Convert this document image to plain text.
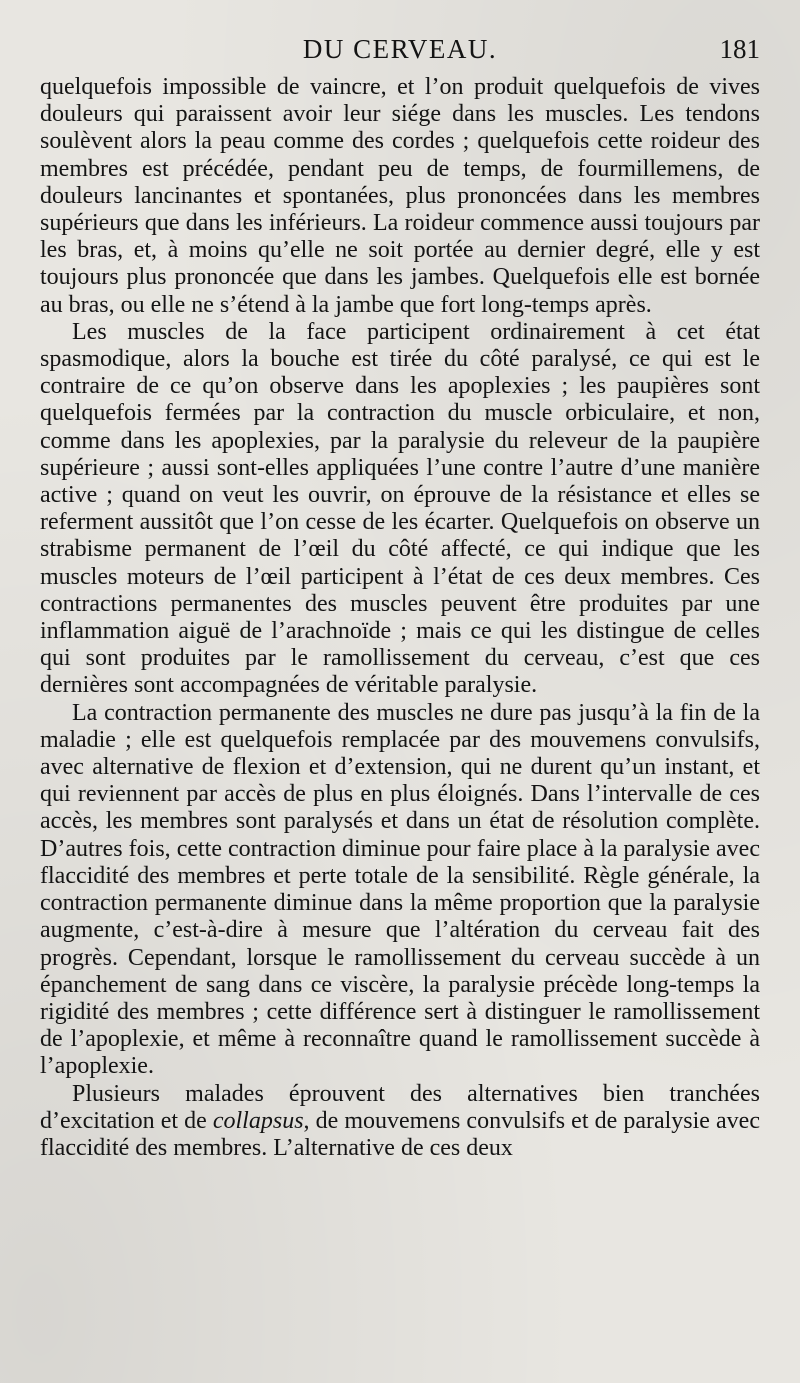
DU CERVEAU.	181

quelquefois impossible de vaincre, et l’on produit quelquefois de vives douleurs qui paraissent avoir leur siége dans les muscles. Les tendons soulèvent alors la peau comme des cordes ; quelquefois cette roideur des membres est précédée, pendant peu de temps, de fourmillemens, de douleurs lancinantes et spontanées, plus prononcées dans les membres supérieurs que dans les inférieurs. La roideur commence aussi toujours par les bras, et, à moins qu’elle ne soit portée au dernier degré, elle y est toujours plus prononcée que dans les jambes. Quelquefois elle est bornée au bras, ou elle ne s’étend à la jambe que fort long-temps après.

Les muscles de la face participent ordinairement à cet état spasmodique, alors la bouche est tirée du côté paralysé, ce qui est le contraire de ce qu’on observe dans les apoplexies ; les paupières sont quelquefois fermées par la contraction du muscle orbiculaire, et non, comme dans les apoplexies, par la paralysie du releveur de la paupière supérieure ; aussi sont-elles appliquées l’une contre l’autre d’une manière active ; quand on veut les ouvrir, on éprouve de la résistance et elles se referment aussitôt que l’on cesse de les écarter. Quelquefois on observe un strabisme permanent de l’œil du côté affecté, ce qui indique que les muscles moteurs de l’œil participent à l’état de ces deux membres. Ces contractions permanentes des muscles peuvent être produites par une inflammation aiguë de l’arachnoïde ; mais ce qui les distingue de celles qui sont produites par le ramollissement du cerveau, c’est que ces dernières sont accompagnées de véritable paralysie.

La contraction permanente des muscles ne dure pas jusqu’à la fin de la maladie ; elle est quelquefois remplacée par des mouvemens convulsifs, avec alternative de flexion et d’extension, qui ne durent qu’un instant, et qui reviennent par accès de plus en plus éloignés. Dans l’intervalle de ces accès, les membres sont paralysés et dans un état de résolution complète. D’autres fois, cette contraction diminue pour faire place à la paralysie avec flaccidité des membres et perte totale de la sensibilité. Règle générale, la contraction permanente diminue dans la même proportion que la paralysie augmente, c’est-à-dire à mesure que l’altération du cerveau fait des progrès. Cependant, lorsque le ramollissement du cerveau succède à un épanchement de sang dans ce viscère, la paralysie précède long-temps la rigidité des membres ; cette différence sert à distinguer le ramollissement de l’apoplexie, et même à reconnaître quand le ramollissement succède à l’apoplexie.

Plusieurs malades éprouvent des alternatives bien tranchées d’excitation et de collapsus, de mouvemens convulsifs et de paralysie avec flaccidité des membres. L’alternative de ces deux
